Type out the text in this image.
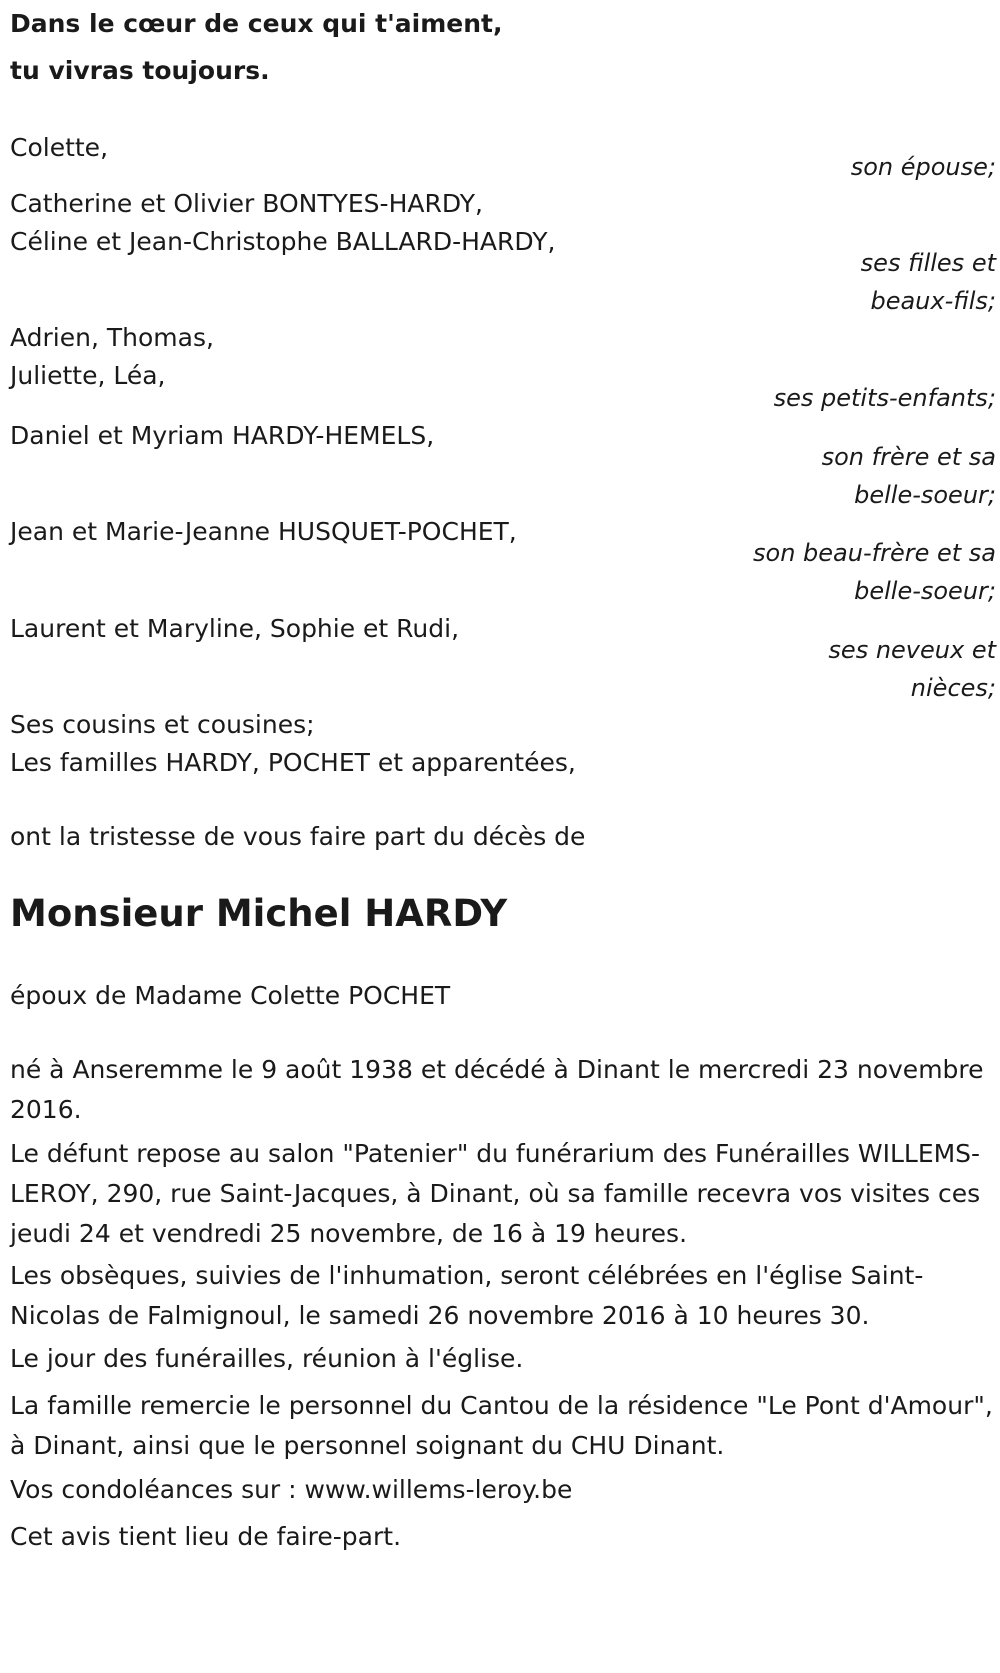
Dans le cœur de ceux qui t'aiment,
tu vivras toujours.
Colette,
son épouse;
Catherine et Olivier BONTYES-HARDY,
Céline et Jean-Christophe BALLARD-HARDY,
ses filles et
beaux-fils;
Adrien, Thomas,
Juliette, Léa,
ses petits-enfants;
Daniel et Myriam HARDY-HEMELS,
son frère et sa
belle-soeur;
Jean et Marie-Jeanne HUSQUET-POCHET,
son beau-frère et sa
belle-soeur;
Laurent et Maryline, Sophie et Rudi,
ses neveux et
nièces;
Ses cousins et cousines;
Les familles HARDY, POCHET et apparentées,
ont la tristesse de vous faire part du décès de
Monsieur Michel HARDY
époux de Madame Colette POCHET
né à Anseremme le 9 août 1938 et décédé à Dinant le mercredi 23 novembre 2016.
Le défunt repose au salon "Patenier" du funérarium des Funérailles WILLEMS-LEROY, 290, rue Saint-Jacques, à Dinant, où sa famille recevra vos visites ces jeudi 24 et vendredi 25 novembre, de 16 à 19 heures.
Les obsèques, suivies de l'inhumation, seront célébrées en l'église Saint-Nicolas de Falmignoul, le samedi 26 novembre 2016 à 10 heures 30.
Le jour des funérailles, réunion à l'église.
La famille remercie le personnel du Cantou de la résidence "Le Pont d'Amour", à Dinant, ainsi que le personnel soignant du CHU Dinant.
Vos condoléances sur : www.willems-leroy.be
Cet avis tient lieu de faire-part.
